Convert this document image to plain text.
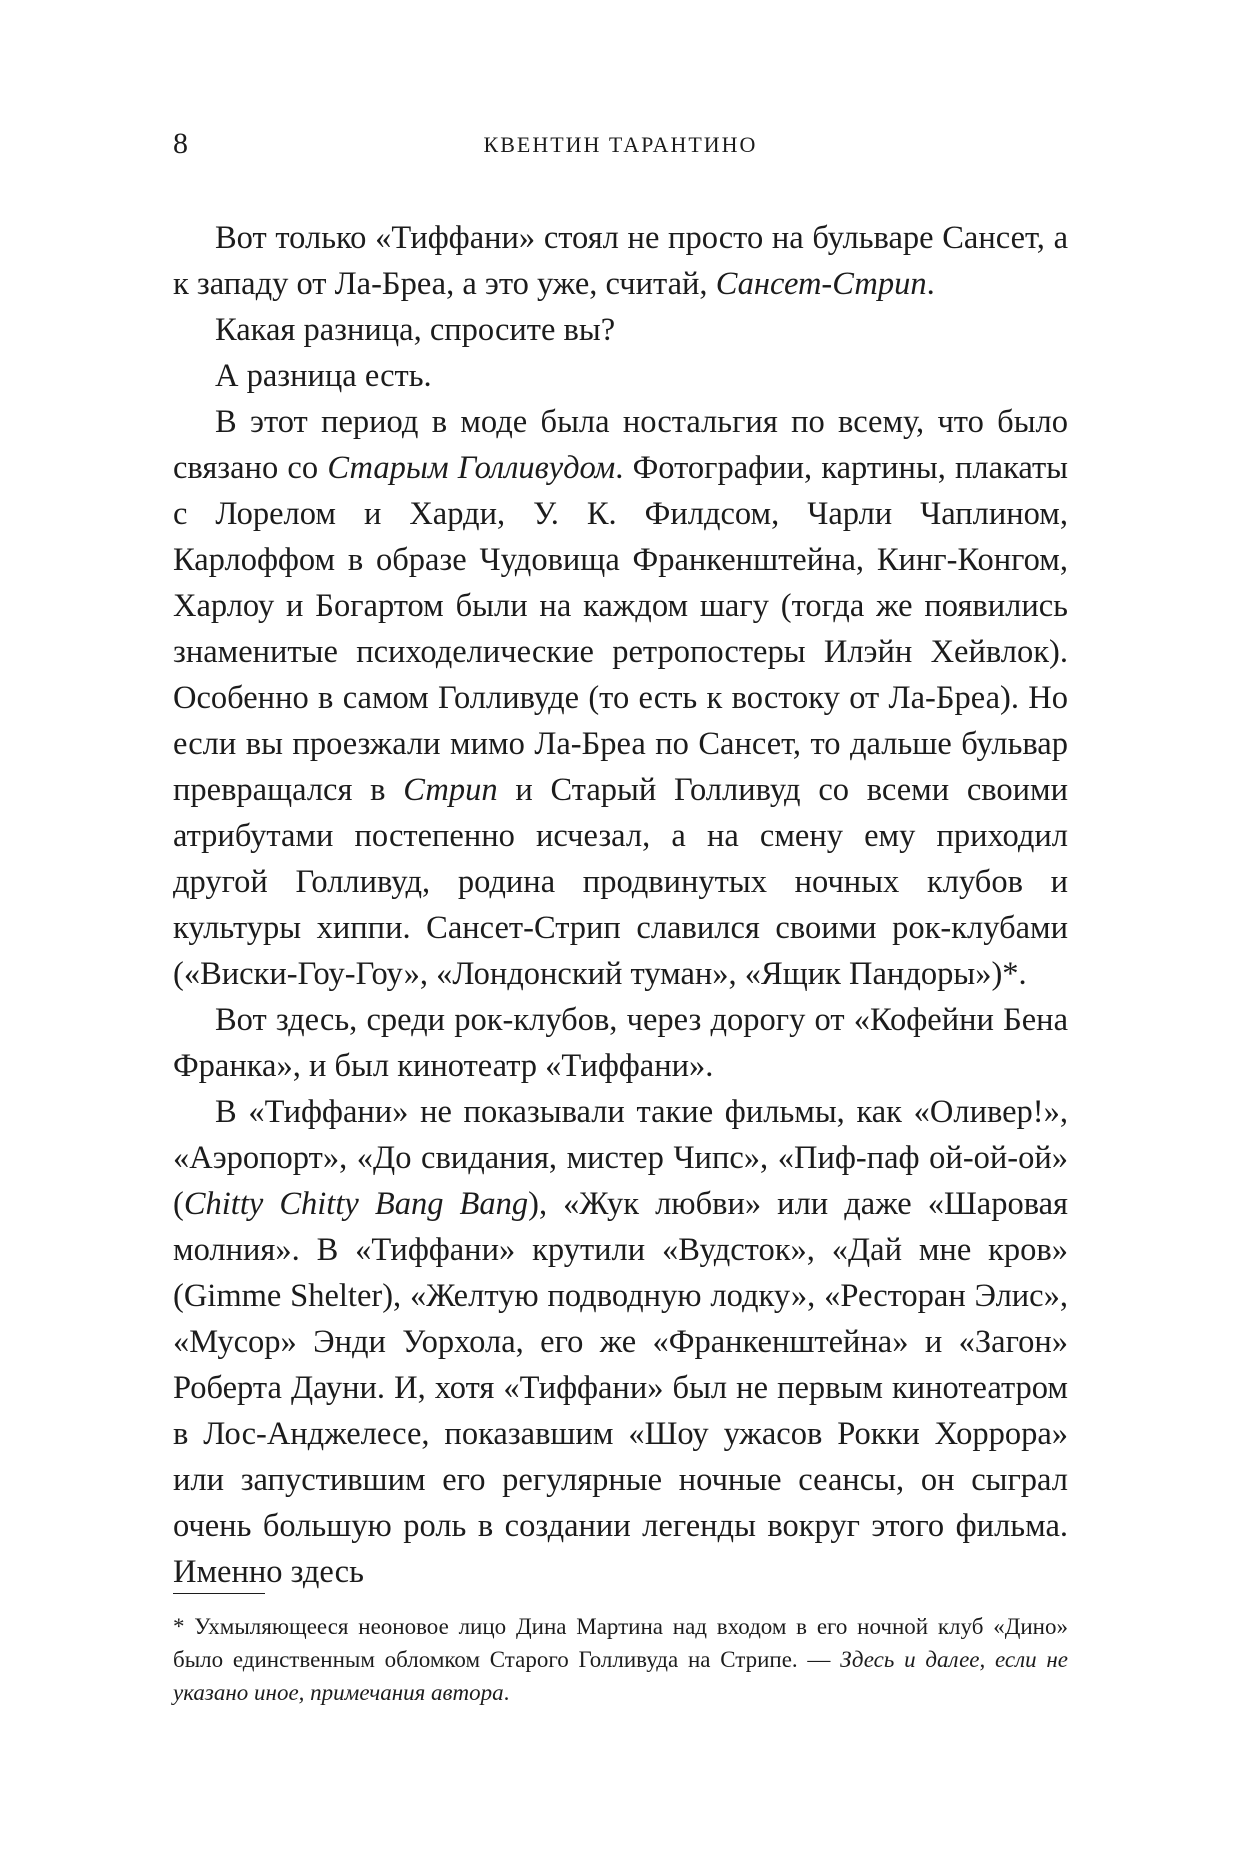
8	КВЕНТИН ТАРАНТИНО

Вот только «Тиффани» стоял не просто на бульваре Сансет, а к западу от Ла-Бреа, а это уже, считай, Сансет-Стрип.

Какая разница, спросите вы?

А разница есть.

В этот период в моде была ностальгия по всему, что было связано со Старым Голливудом. Фотографии, картины, плакаты с Лорелом и Харди, У. К. Филдсом, Чарли Чаплином, Карлоффом в образе Чудовища Франкенштейна, Кинг-Конгом, Харлоу и Богартом были на каждом шагу (тогда же появились знаменитые психоделические ретропостеры Илэйн Хейвлок). Особенно в самом Голливуде (то есть к востоку от Ла-Бреа). Но если вы проезжали мимо Ла-Бреа по Сансет, то дальше бульвар превращался в Стрип и Старый Голливуд со всеми своими атрибутами постепенно исчезал, а на смену ему приходил другой Голливуд, родина продвинутых ночных клубов и культуры хиппи. Сансет-Стрип славился своими рок-клубами («Виски-Гоу-Гоу», «Лондонский туман», «Ящик Пандоры»)*.

Вот здесь, среди рок-клубов, через дорогу от «Кофейни Бена Франка», и был кинотеатр «Тиффани».

В «Тиффани» не показывали такие фильмы, как «Оливер!», «Аэропорт», «До свидания, мистер Чипс», «Пиф-паф ой-ой-ой» (Chitty Chitty Bang Bang), «Жук любви» или даже «Шаровая молния». В «Тиффани» крутили «Вудсток», «Дай мне кров» (Gimme Shelter), «Желтую подводную лодку», «Ресторан Элис», «Мусор» Энди Уорхола, его же «Франкенштейна» и «Загон» Роберта Дауни. И, хотя «Тиффани» был не первым кинотеатром в Лос-Анджелесе, показавшим «Шоу ужасов Рокки Хоррора» или запустившим его регулярные ночные сеансы, он сыграл очень большую роль в создании легенды вокруг этого фильма. Именно здесь

* Ухмыляющееся неоновое лицо Дина Мартина над входом в его ночной клуб «Дино» было единственным обломком Старого Голливуда на Стрипе. — Здесь и далее, если не указано иное, примечания автора.
